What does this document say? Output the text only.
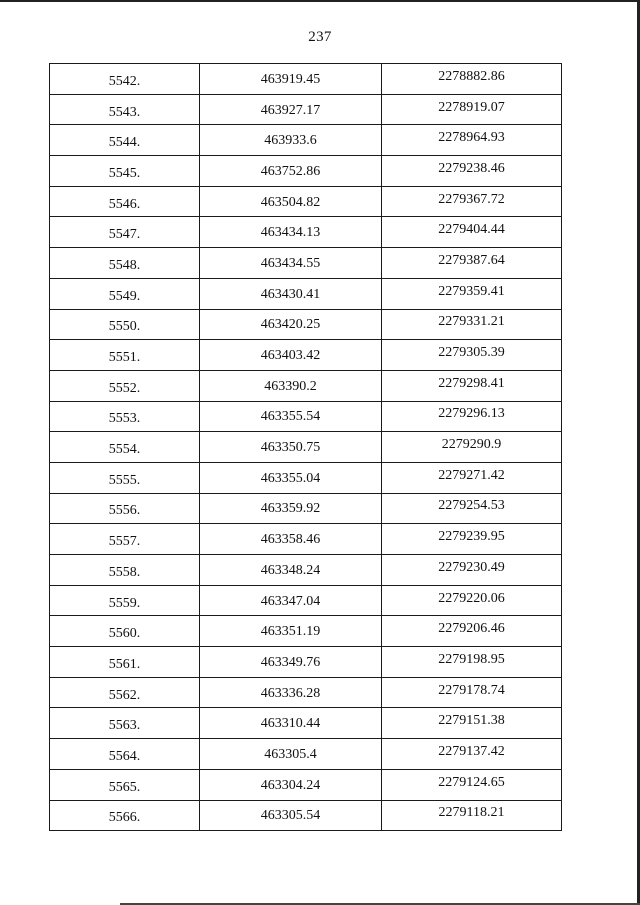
237
5542.	463919.45	2278882.86
5543.	463927.17	2278919.07
5544.	463933.6	2278964.93
5545.	463752.86	2279238.46
5546.	463504.82	2279367.72
5547.	463434.13	2279404.44
5548.	463434.55	2279387.64
5549.	463430.41	2279359.41
5550.	463420.25	2279331.21
5551.	463403.42	2279305.39
5552.	463390.2	2279298.41
5553.	463355.54	2279296.13
5554.	463350.75	2279290.9
5555.	463355.04	2279271.42
5556.	463359.92	2279254.53
5557.	463358.46	2279239.95
5558.	463348.24	2279230.49
5559.	463347.04	2279220.06
5560.	463351.19	2279206.46
5561.	463349.76	2279198.95
5562.	463336.28	2279178.74
5563.	463310.44	2279151.38
5564.	463305.4	2279137.42
5565.	463304.24	2279124.65
5566.	463305.54	2279118.21
